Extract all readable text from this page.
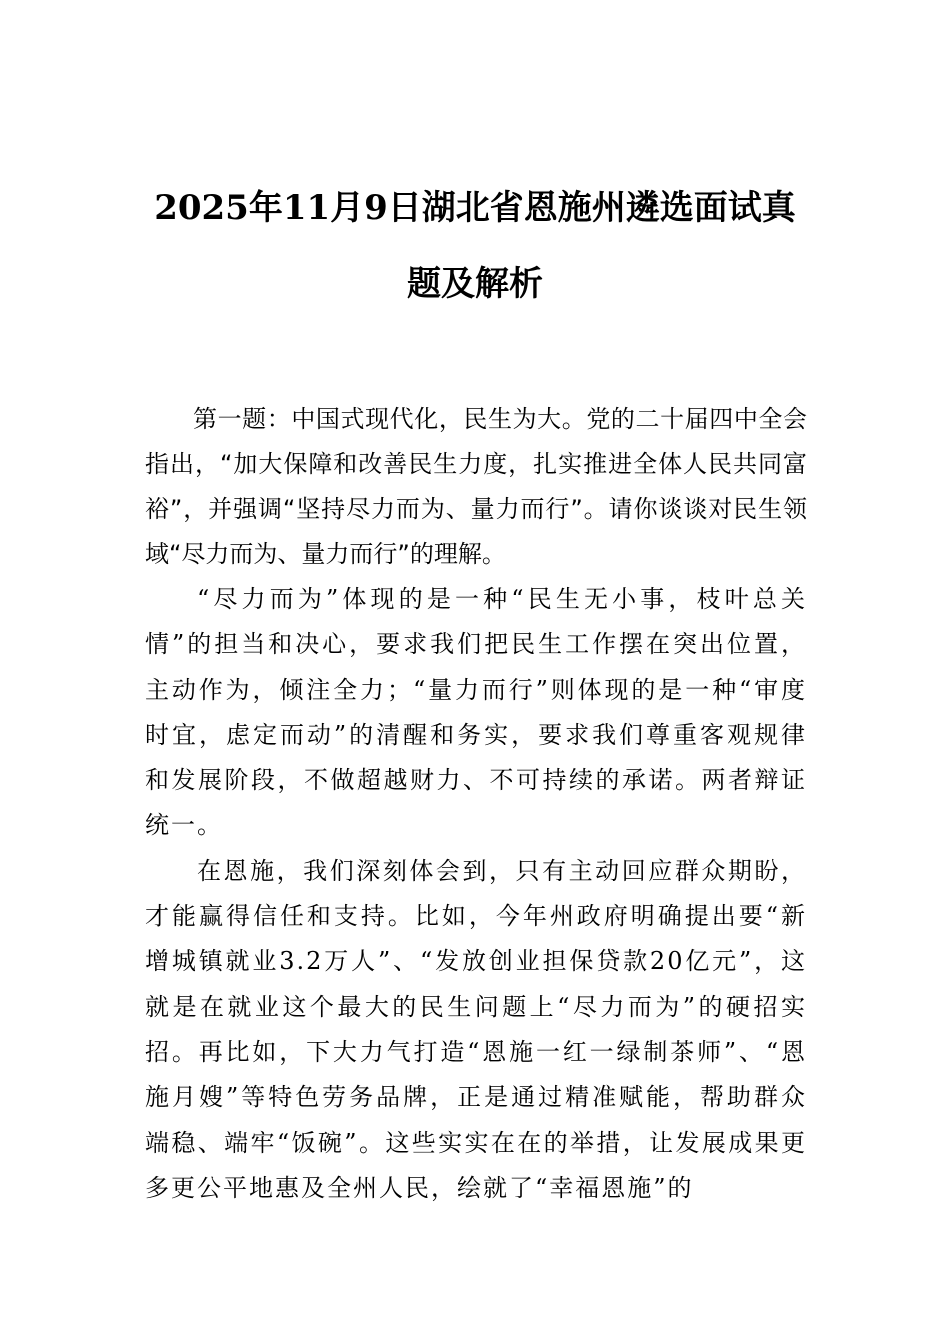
2025年11月9日湖北省恩施州遴选面试真题及解析

第一题：中国式现代化，民生为大。党的二十届四中全会指出，“加大保障和改善民生力度，扎实推进全体人民共同富裕”，并强调“坚持尽力而为、量力而行”。请你谈谈对民生领域“尽力而为、量力而行”的理解。

“尽力而为”体现的是一种“民生无小事，枝叶总关情”的担当和决心，要求我们把民生工作摆在突出位置，主动作为，倾注全力；“量力而行”则体现的是一种“审度时宜，虑定而动”的清醒和务实，要求我们尊重客观规律和发展阶段，不做超越财力、不可持续的承诺。两者辩证统一。

在恩施，我们深刻体会到，只有主动回应群众期盼，才能赢得信任和支持。比如，今年州政府明确提出要“新增城镇就业3.2万人”、“发放创业担保贷款20亿元”，这就是在就业这个最大的民生问题上“尽力而为”的硬招实招。再比如，下大力气打造“恩施一红一绿制茶师”、“恩施月嫂”等特色劳务品牌，正是通过精准赋能，帮助群众端稳、端牢“饭碗”。这些实实在在的举措，让发展成果更多更公平地惠及全州人民，绘就了“幸福恩施”的
